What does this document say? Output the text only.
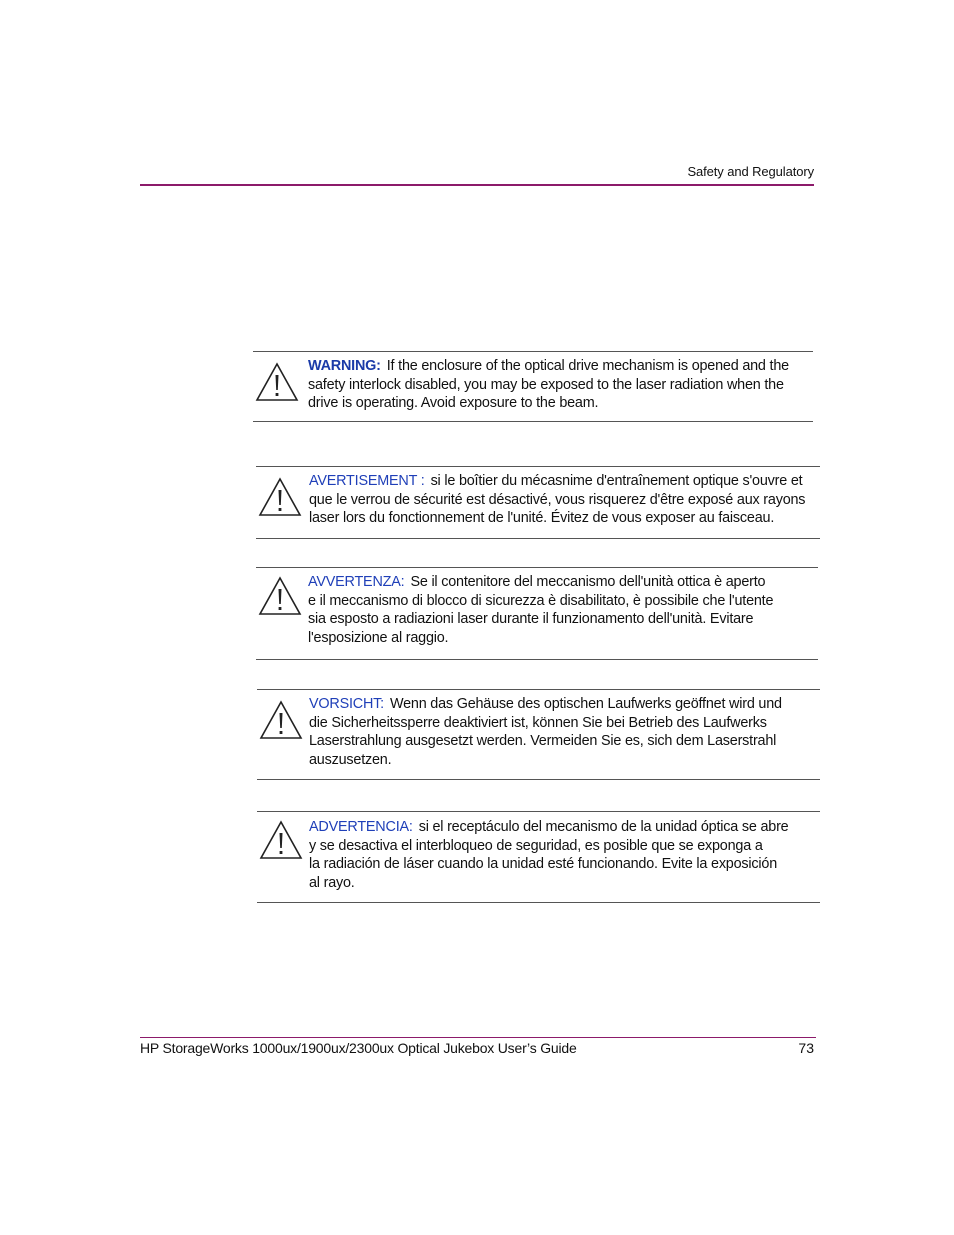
Safety and Regulatory
WARNING: If the enclosure of the optical drive mechanism is opened and the
safety interlock disabled, you may be exposed to the laser radiation when the
drive is operating. Avoid exposure to the beam.
AVERTISEMENT : si le boîtier du mécasnime d'entraînement optique s'ouvre et
que le verrou de sécurité est désactivé, vous risquerez d'être exposé aux rayons
laser lors du fonctionnement de l'unité. Évitez de vous exposer au faisceau.
AVVERTENZA: Se il contenitore del meccanismo dell'unità ottica è aperto
e il meccanismo di blocco di sicurezza è disabilitato, è possibile che l'utente
sia esposto a radiazioni laser durante il funzionamento dell'unità. Evitare
l'esposizione al raggio.
VORSICHT: Wenn das Gehäuse des optischen Laufwerks geöffnet wird und
die Sicherheitssperre deaktiviert ist, können Sie bei Betrieb des Laufwerks
Laserstrahlung ausgesetzt werden. Vermeiden Sie es, sich dem Laserstrahl
auszusetzen.
ADVERTENCIA: si el receptáculo del mecanismo de la unidad óptica se abre
y se desactiva el interbloqueo de seguridad, es posible que se exponga a
la radiación de láser cuando la unidad esté funcionando. Evite la exposición
al rayo.
HP StorageWorks 1000ux/1900ux/2300ux Optical Jukebox User’s Guide	73
